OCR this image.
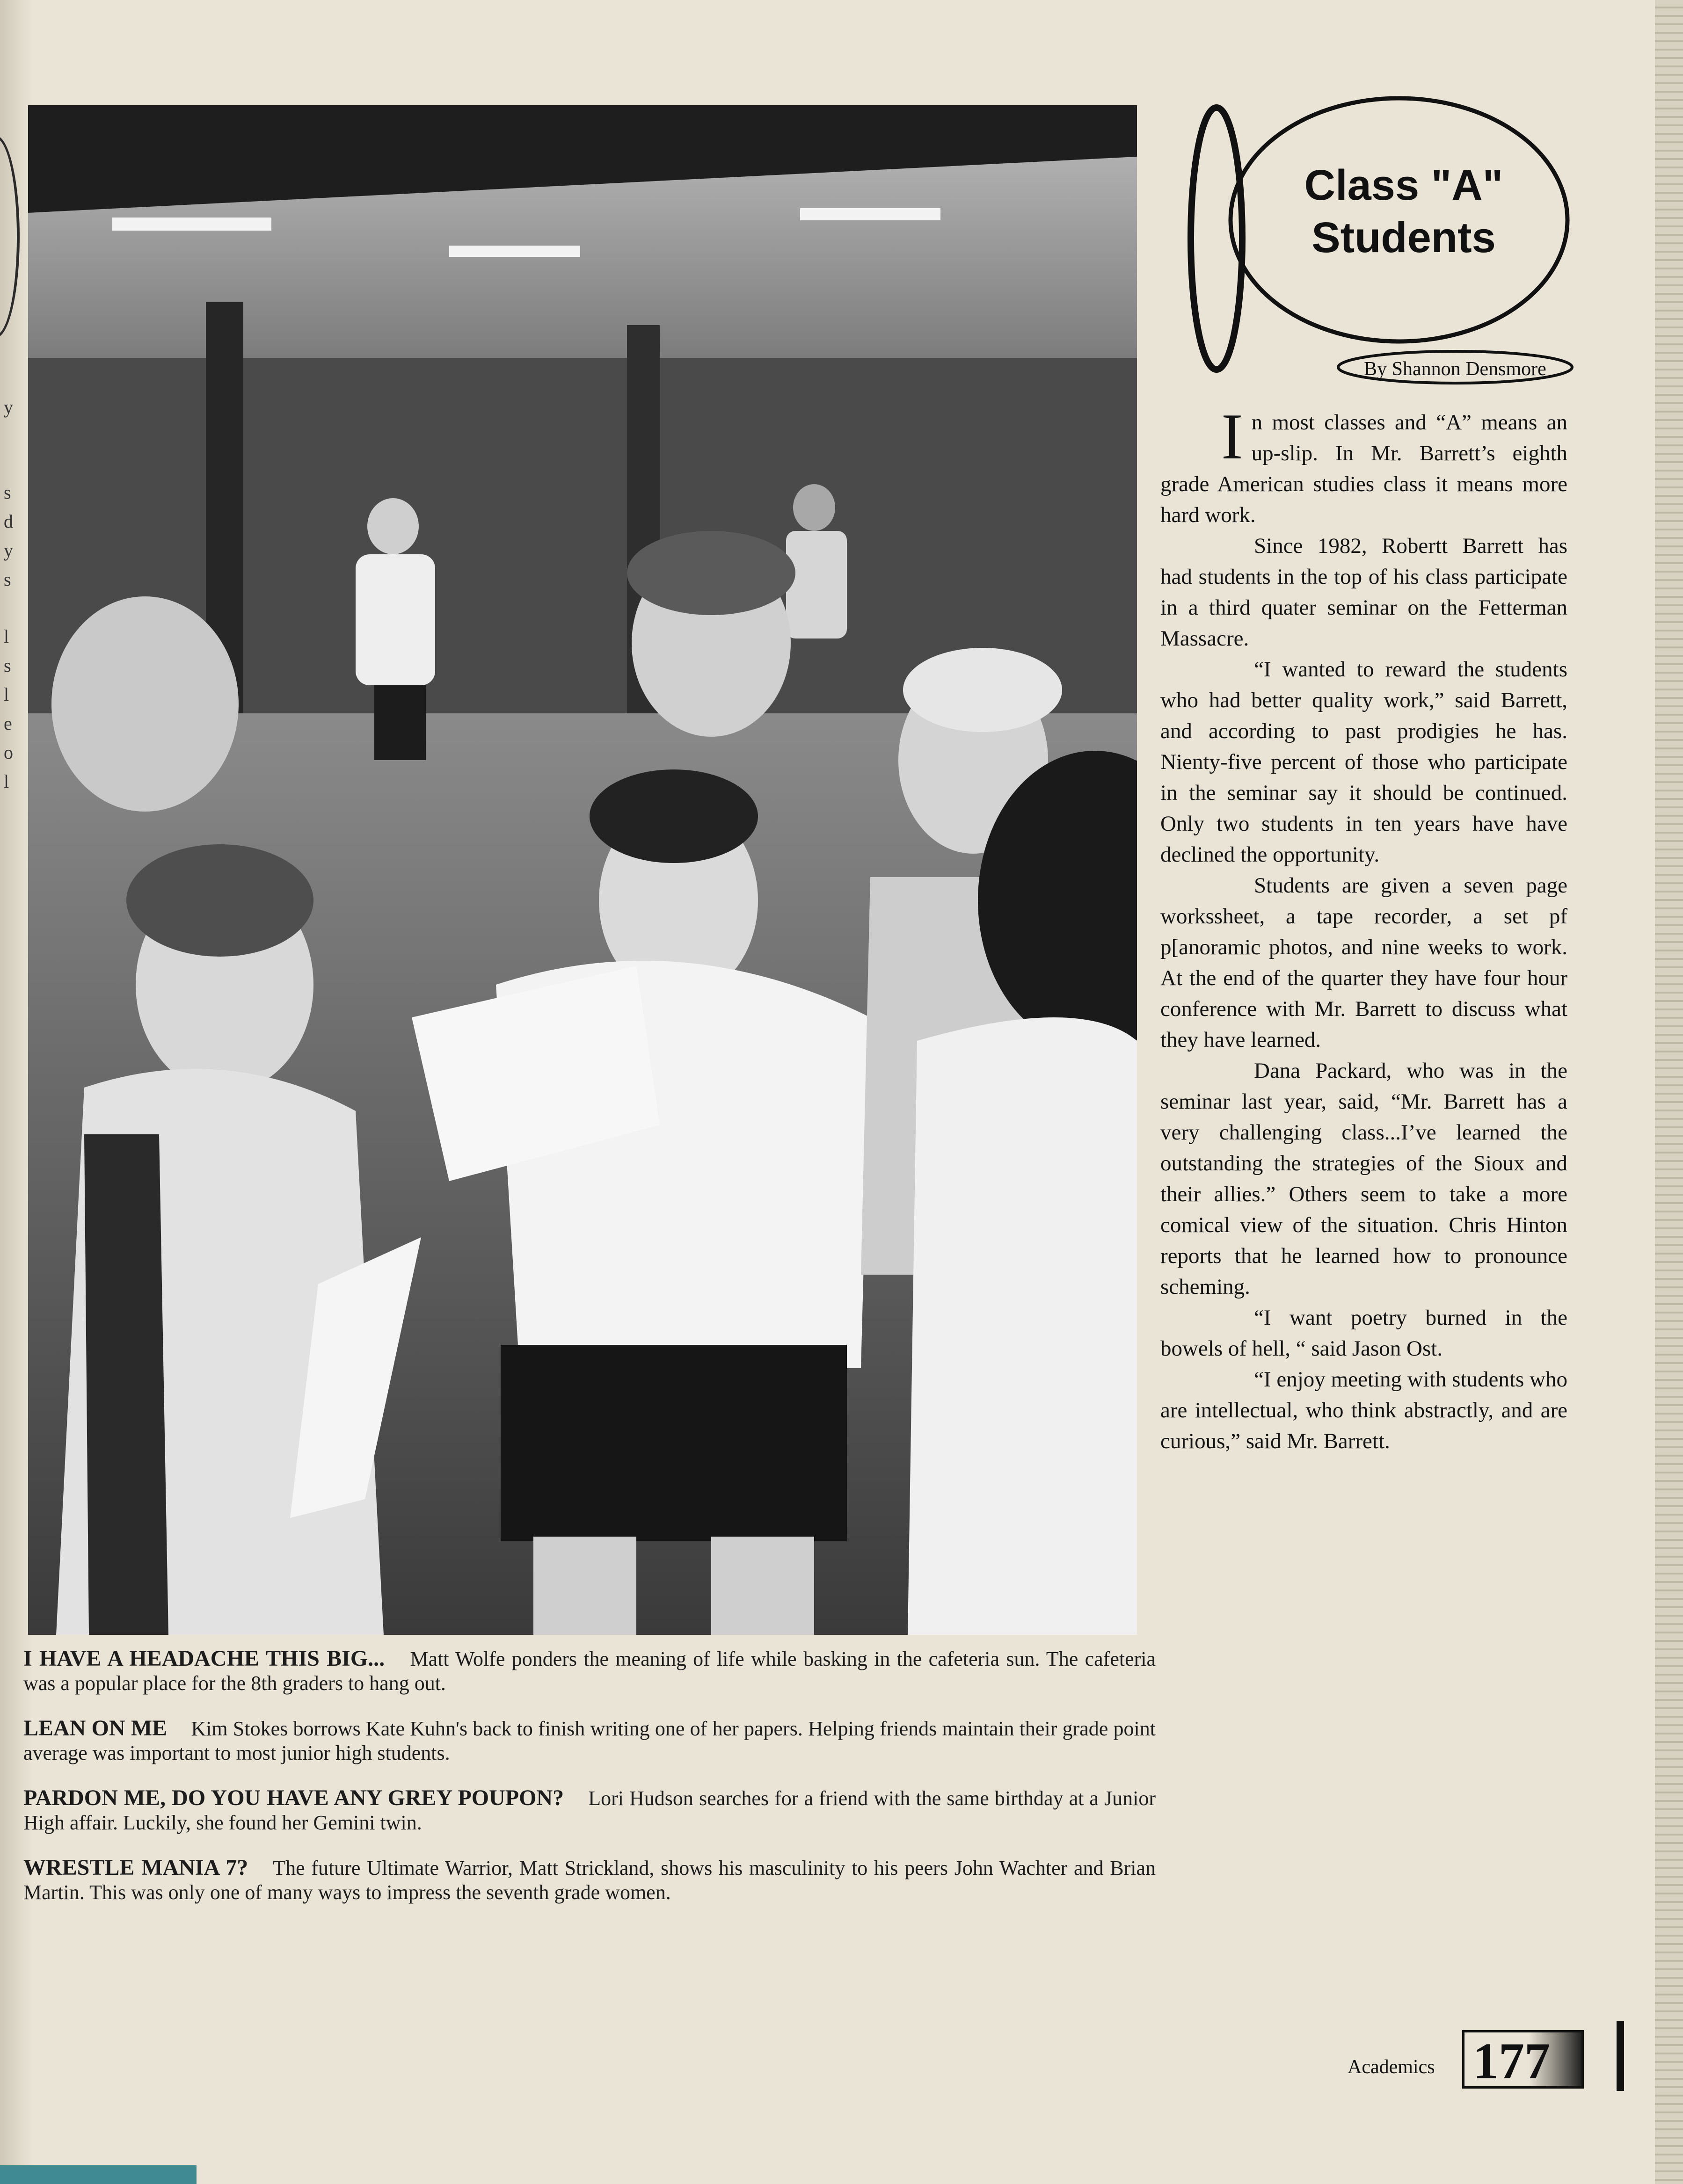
y
s
d
y
s
l
s
l
e
o
l
Class "A" Students
By Shannon Densmore

In most classes and “A” means an up-slip. In Mr. Barrett’s eighth grade American studies class it means more hard work.

Since 1982, Robertt Barrett has had students in the top of his class participate in a third quater seminar on the Fetterman Massacre.

“I wanted to reward the students who had better quality work,” said Barrett, and according to past prodigies he has. Nienty-five percent of those who participate in the seminar say it should be continued. Only two students in ten years have have declined the opportunity.

Students are given a seven page workssheet, a tape recorder, a set pf p[anoramic photos, and nine weeks to work. At the end of the quarter they have four hour conference with Mr. Barrett to discuss what they have learned.

Dana Packard, who was in the seminar last year, said, “Mr. Barrett has a very challenging class...I’ve learned the outstanding the strategies of the Sioux and their allies.” Others seem to take a more comical view of the situation. Chris Hinton reports that he learned how to pronounce scheming.

“I want poetry burned in the bowels of hell, “ said Jason Ost.

“I enjoy meeting with students who are intellectual, who think abstractly, and are curious,” said Mr. Barrett.

I HAVE A HEADACHE THIS BIG... Matt Wolfe ponders the meaning of life while basking in the cafeteria sun. The cafeteria was a popular place for the 8th graders to hang out.

LEAN ON ME Kim Stokes borrows Kate Kuhn's back to finish writing one of her papers. Helping friends maintain their grade point average was important to most junior high students.

PARDON ME, DO YOU HAVE ANY GREY POUPON? Lori Hudson searches for a friend with the same birthday at a Junior High affair. Luckily, she found her Gemini twin.

WRESTLE MANIA 7? The future Ultimate Warrior, Matt Strickland, shows his masculinity to his peers John Wachter and Brian Martin. This was only one of many ways to impress the seventh grade women.

Academics 177
